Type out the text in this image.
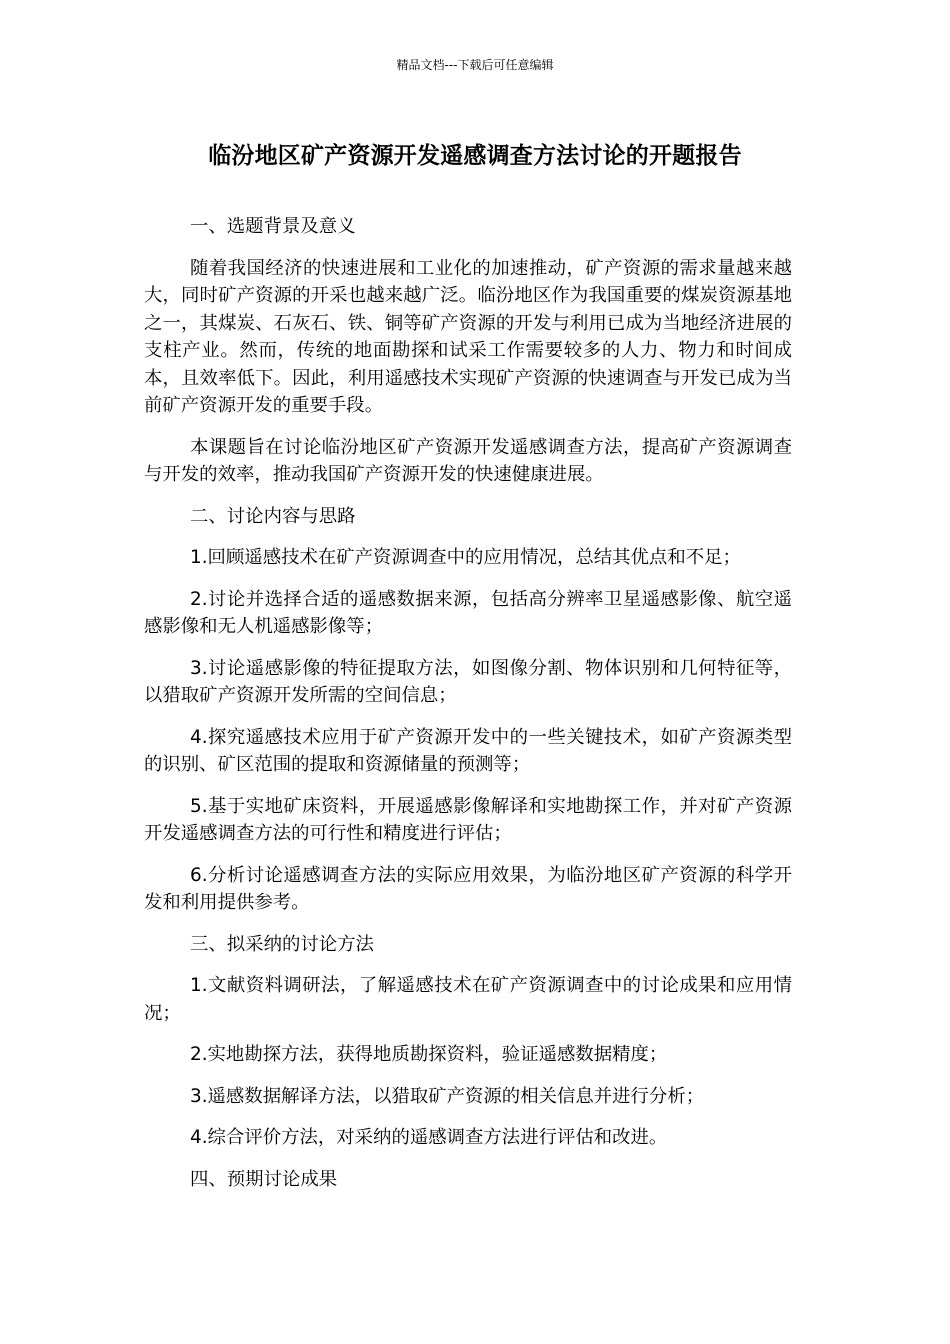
精品文档---下载后可任意编辑
临汾地区矿产资源开发遥感调查方法讨论的开题报告

一、选题背景及意义

随着我国经济的快速进展和工业化的加速推动，矿产资源的需求量越来越大，同时矿产资源的开采也越来越广泛。临汾地区作为我国重要的煤炭资源基地之一，其煤炭、石灰石、铁、铜等矿产资源的开发与利用已成为当地经济进展的支柱产业。然而，传统的地面勘探和试采工作需要较多的人力、物力和时间成本，且效率低下。因此，利用遥感技术实现矿产资源的快速调查与开发已成为当前矿产资源开发的重要手段。

本课题旨在讨论临汾地区矿产资源开发遥感调查方法，提高矿产资源调查与开发的效率，推动我国矿产资源开发的快速健康进展。

二、讨论内容与思路

1.回顾遥感技术在矿产资源调查中的应用情况，总结其优点和不足；

2.讨论并选择合适的遥感数据来源，包括高分辨率卫星遥感影像、航空遥感影像和无人机遥感影像等；

3.讨论遥感影像的特征提取方法，如图像分割、物体识别和几何特征等，以猎取矿产资源开发所需的空间信息；

4.探究遥感技术应用于矿产资源开发中的一些关键技术，如矿产资源类型的识别、矿区范围的提取和资源储量的预测等；

5.基于实地矿床资料，开展遥感影像解译和实地勘探工作，并对矿产资源开发遥感调查方法的可行性和精度进行评估；

6.分析讨论遥感调查方法的实际应用效果，为临汾地区矿产资源的科学开发和利用提供参考。

三、拟采纳的讨论方法

1.文献资料调研法，了解遥感技术在矿产资源调查中的讨论成果和应用情况；

2.实地勘探方法，获得地质勘探资料，验证遥感数据精度；

3.遥感数据解译方法，以猎取矿产资源的相关信息并进行分析；

4.综合评价方法，对采纳的遥感调查方法进行评估和改进。

四、预期讨论成果
